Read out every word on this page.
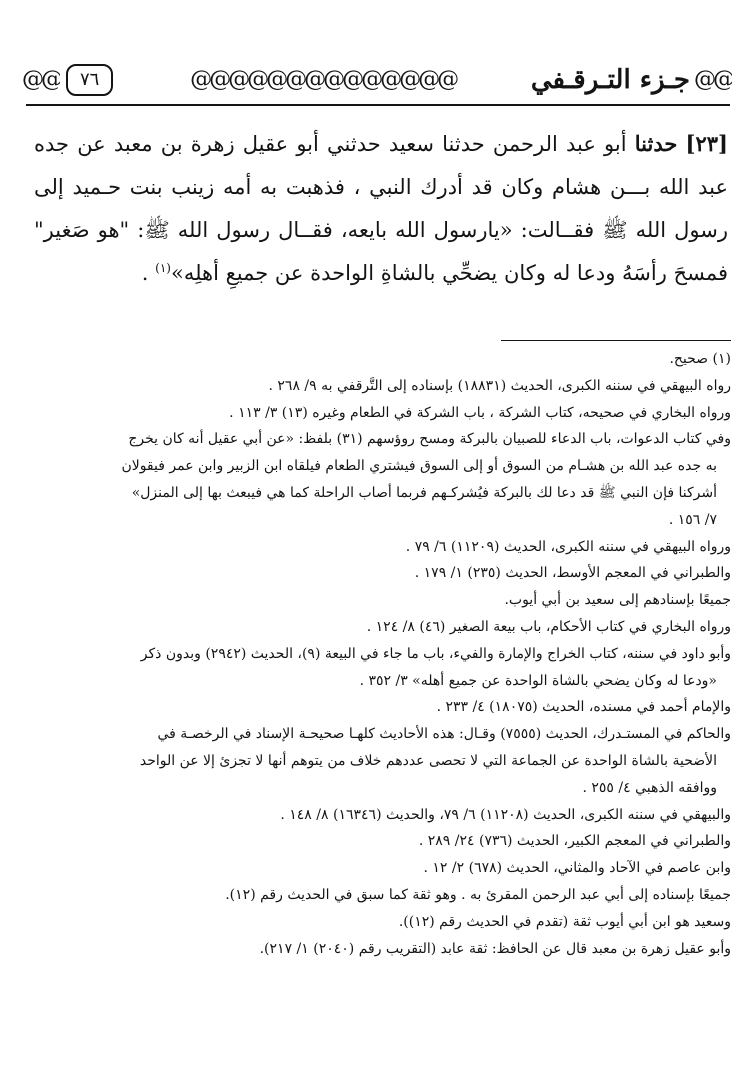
@@
جـزء التـرقـفي
@@@@@@@@@@@@@@
٧٦
@@
[٢٣] حدثنا أبو عبد الرحمن حدثنا سعيد حدثني أبو عقيل زهرة بن معبد عن جده عبد الله بـــن هشام وكان قد أدرك النبي ، فذهبت به أمه زينب بنت حـميد إلى رسول الله ﷺ فقــالت: «يارسول الله بايعه، فقــال رسول الله ﷺ: "هو صَغير" فمسحَ رأسَهُ ودعا له وكان يضحِّي بالشاةِ الواحدة عن جميعِ أهلِه»$^{(١)}$ .
(١) صحيح.
رواه البيهقي في سننه الكبرى، الحديث (١٨٨٣١) بإسناده إلى التَّرقفي به ٩/ ٢٦٨ .
ورواه البخاري في صحيحه، كتاب الشركة ، باب الشركة في الطعام وغيره (١٣) ٣/ ١١٣ .
وفي كتاب الدعوات، باب الدعاء للصبيان بالبركة ومسح روؤسهم (٣١) بلفظ: «عن أبي عقيل أنه كان يخرج
به جده عبد الله بن هشـام من السوق أو إلى السوق فيشتري الطعام فيلقاه ابن الزبير وابن عمر فيقولان
أشركنا فإن النبي ﷺ قد دعا لك بالبركة فيُشركـهم فربما أصاب الراحلة كما هي فيبعث بها إلى المنزل»
٧/ ١٥٦ .
ورواه البيهقي في سننه الكبرى، الحديث (١١٢٠٩) ٦/ ٧٩ .
والطبراني في المعجم الأوسط، الحديث (٢٣٥) ١/ ١٧٩ .
جميعًا بإسنادهم إلى سعيد بن أبي أيوب.
ورواه البخاري في كتاب الأحكام، باب بيعة الصغير (٤٦) ٨/ ١٢٤ .
وأبو داود في سننه، كتاب الخراج والإمارة والفيء، باب ما جاء في البيعة (٩)، الحديث (٢٩٤٢) وبدون ذكر
«ودعا له وكان يضحي بالشاة الواحدة عن جميع أهله» ٣/ ٣٥٢ .
والإمام أحمد في مسنده، الحديث (١٨٠٧٥) ٤/ ٢٣٣ .
والحاكم في المستـدرك، الحديث (٧٥٥٥) وقـال: هذه الأحاديث كلهـا صحيحـة الإسناد في الرخصـة في
الأضحية بالشاة الواحدة عن الجماعة التي لا تحصى عددهم خلاف من يتوهم أنها لا تجزئ إلا عن الواحد
ووافقه الذهبي ٤/ ٢٥٥ .
والبيهقي في سننه الكبرى، الحديث (١١٢٠٨) ٦/ ٧٩، والحديث (١٦٣٤٦) ٨/ ١٤٨ .
والطبراني في المعجم الكبير، الحديث (٧٣٦) ٢٤/ ٢٨٩ .
وابن عاصم في الآحاد والمثاني، الحديث (٦٧٨) ٢/ ١٢ .
جميعًا بإسناده إلى أبي عبد الرحمن المقرئ به . وهو ثقة كما سبق في الحديث رقم (١٢).
وسعيد هو ابن أبي أيوب ثقة (تقدم في الحديث رقم (١٢)).
وأبو عقيل زهرة بن معبد قال عن الحافظ: ثقة عابد (التقريب رقم (٢٠٤٠) ١/ ٢١٧).
